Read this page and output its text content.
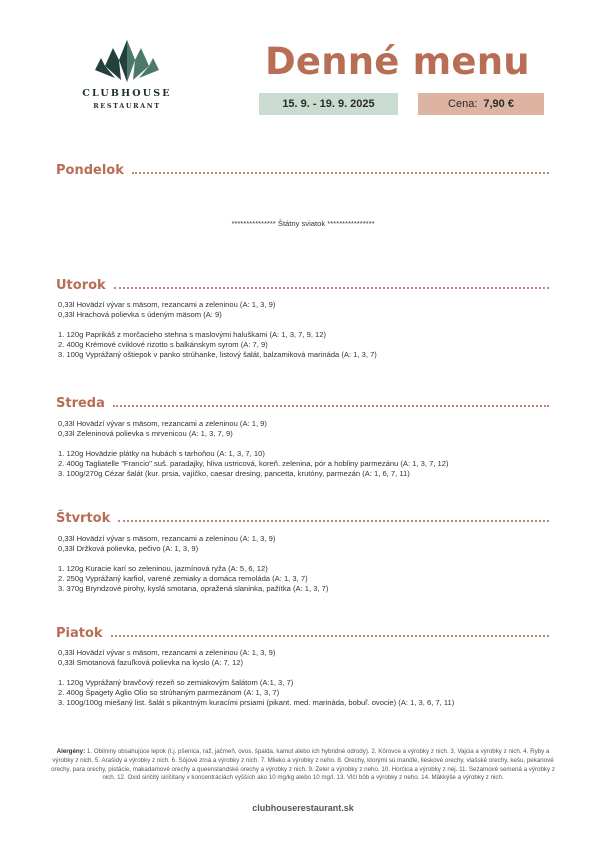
CLUBHOUSE
RESTAURANT
Denné menu
15. 9. - 19. 9. 2025	Cena: 7,90 €
Pondelok
*************** Štátny sviatok ****************
Utorok
0,33l Hovädzí vývar s mäsom, rezancami a zeleninou (A: 1, 3, 9)
0,33l Hrachová polievka s údeným mäsom (A: 9)
1. 120g Paprikáš z morčacieho stehna s maslovými haluškami (A: 1, 3, 7, 9, 12)
2. 400g Krémové cviklové rizotto s balkánskym syrom (A: 7, 9)
3. 100g Vyprážaný oštiepok v panko strúhanke, listový šalát, balzamiková marináda (A: 1, 3, 7)
Streda
0,33l Hovädzí vývar s mäsom, rezancami a zeleninou (A: 1, 9)
0,33l Zeleninová polievka s mrvenicou (A: 1, 3, 7, 9)
1. 120g Hovädzie plátky na hubách s tarhoňou (A: 1, 3, 7, 10)
2. 400g Tagliatelle "Francio" suš. paradajky, hliva ustricová, koreň. zelenina, pór a hobliny parmezánu (A: 1, 3, 7, 12)
3. 100g/270g Cézar šalát (kur. prsia, vajíčko, caesar dresing, pancetta, krutóny, parmezán (A: 1, 6, 7, 11)
Štvrtok
0,33l Hovädzí vývar s mäsom, rezancami a zeleninou (A: 1, 3, 9)
0,33l Držková polievka, pečivo (A: 1, 3, 9)
1. 120g Kuracie karí so zeleninou, jazmínová ryža (A: 5, 6, 12)
2. 250g Vyprážaný karfiol, varené zemiaky a domáca remoláda (A: 1, 3, 7)
3. 370g Bryndzové pirohy, kyslá smotana, opražená slaninka, pažítka (A: 1, 3, 7)
Piatok
0,33l Hovädzí vývar s mäsom, rezancami a zeleninou (A: 1, 3, 9)
0,33l Smotanová fazuľková polievka na kyslo (A: 7, 12)
1. 120g Vyprážaný bravčový rezeň so zemiakovým šalátom (A:1, 3, 7)
2. 400g Špagety Aglio Olio so strúhaným parmezánom (A: 1, 3, 7)
3. 100g/100g miešaný list. šalát s pikantným kuracími prsiami (pikant. med. marináda, bobuľ. ovocie) (A: 1, 3, 6, 7, 11)
Alergény: 1. Obilniny obsahujúce lepok (t.j. pšenica, raž, jačmeň, ovos, špalda, kamut alebo ich hybridné odrody). 2. Kôrovce a výrobky z nich. 3. Vajcia a výrobky z nich. 4. Ryby a výrobky z nich. 5. Arašidy a výrobky z nich. 6. Sójové zrná a výrobky z nich. 7. Mlieko a výrobky z neho. 8. Orechy, ktorými sú mandle, lieskové orechy, vlašské orechy, kešu, pekanové orechy, para orechy, pistácie, makadamové orechy a queenslandské orechy a výrobky z nich. 9. Zeler a výrobky z neho. 10. Horčica a výrobky z nej. 11. Sezamové semená a výrobky z nich. 12. Oxid siričitý siričitany v koncentráciách vyšších ako 10 mg/kg alebo 10 mg/l. 13. Vlčí bôb a výrobky z neho. 14. Mäkkýše a výrobky z nich.
clubhouserestaurant.sk
